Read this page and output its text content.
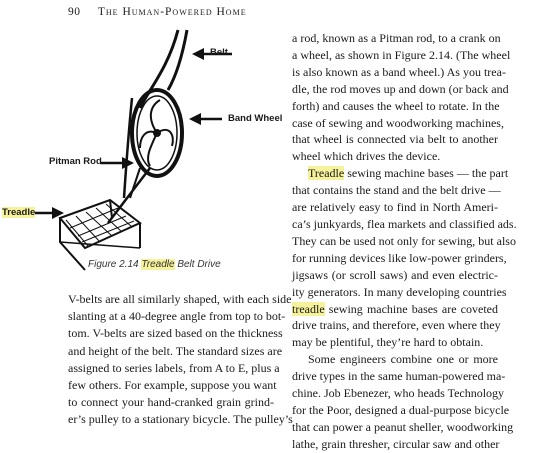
90 The Human-Powered Home
Belt
Band Wheel
Pitman Rod
Treadle
Figure 2.14 Treadle Belt Drive
V-belts are all similarly shaped, with each side
slanting at a 40-degree angle from top to bot-
tom. V-belts are sized based on the thickness
and height of the belt. The standard sizes are
assigned to series labels, from A to E, plus a
few others. For example, suppose you want
to connect your hand-cranked grain grind-
er’s pulley to a stationary bicycle. The pulley’s
a rod, known as a Pitman rod, to a crank on
a wheel, as shown in Figure 2.14. (The wheel
is also known as a band wheel.) As you trea-
dle, the rod moves up and down (or back and
forth) and causes the wheel to rotate. In the
case of sewing and woodworking machines,
that wheel is connected via belt to another
wheel which drives the device.
Treadle sewing machine bases — the part
that contains the stand and the belt drive —
are relatively easy to find in North Ameri-
ca’s junkyards, flea markets and classified ads.
They can be used not only for sewing, but also
for running devices like low-power grinders,
jigsaws (or scroll saws) and even electric-
ity generators. In many developing countries
treadle sewing machine bases are coveted
drive trains, and therefore, even where they
may be plentiful, they’re hard to obtain.
Some engineers combine one or more
drive types in the same human-powered ma-
chine. Job Ebenezer, who heads Technology
for the Poor, designed a dual-purpose bicycle
that can power a peanut sheller, woodworking
lathe, grain thresher, circular saw and other
